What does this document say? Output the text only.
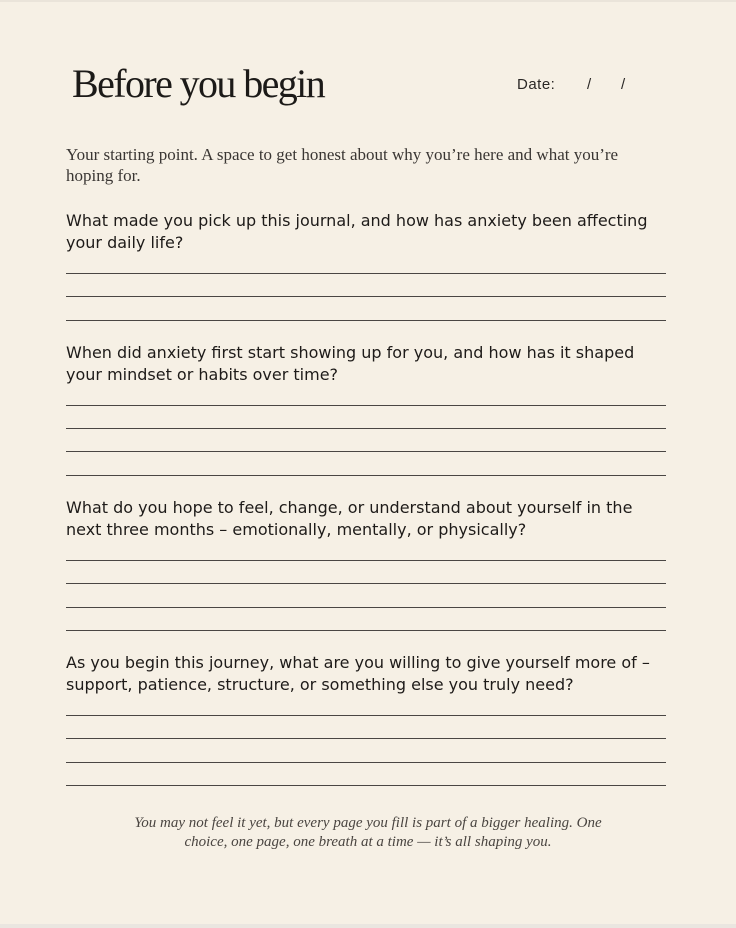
Before you begin	Date: / /
Your starting point. A space to get honest about why you’re here and what you’re hoping for.
What made you pick up this journal, and how has anxiety been affecting your daily life?
When did anxiety first start showing up for you, and how has it shaped your mindset or habits over time?
What do you hope to feel, change, or understand about yourself in the next three months – emotionally, mentally, or physically?
As you begin this journey, what are you willing to give yourself more of – support, patience, structure, or something else you truly need?
You may not feel it yet, but every page you fill is part of a bigger healing. One choice, one page, one breath at a time — it’s all shaping you.
